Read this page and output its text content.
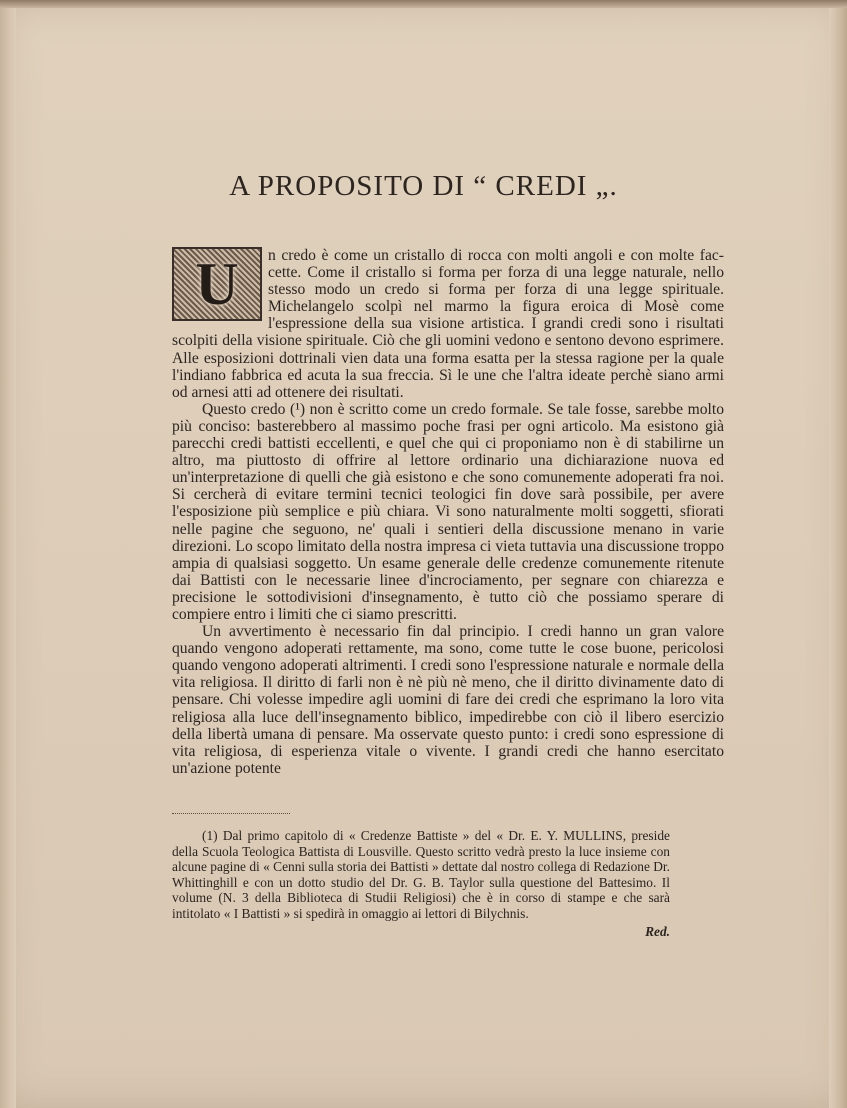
A PROPOSITO DI “ CREDI „.

U	n credo è come un cristallo di rocca con molti angoli e con molte fac-cette. Come il cristallo si forma per forza di una legge naturale, nello stesso modo un credo si forma per forza di una legge spirituale. Michelangelo scolpì nel marmo la figura eroica di Mosè come l'espressione della sua visione artistica. I grandi credi sono i risultati scolpiti della visione spirituale. Ciò che gli uomini vedono e sentono devono esprimere. Alle esposizioni dottrinali vien data una forma esatta per la stessa ragione per la quale l'indiano fabbrica ed acuta la sua freccia. Sì le une che l'altra ideate perchè siano armi od arnesi atti ad ottenere dei risultati.

Questo credo (¹) non è scritto come un credo formale. Se tale fosse, sarebbe molto più conciso: basterebbero al massimo poche frasi per ogni articolo. Ma esistono già parecchi credi battisti eccellenti, e quel che qui ci proponiamo non è di stabilirne un altro, ma piuttosto di offrire al lettore ordinario una dichiarazione nuova ed un'interpretazione di quelli che già esistono e che sono comunemente adoperati fra noi. Si cercherà di evitare termini tecnici teologici fin dove sarà possibile, per avere l'esposizione più semplice e più chiara. Vi sono naturalmente molti soggetti, sfiorati nelle pagine che seguono, ne' quali i sentieri della discussione menano in varie direzioni. Lo scopo limitato della nostra impresa ci vieta tuttavia una discussione troppo ampia di qualsiasi soggetto. Un esame generale delle credenze comunemente ritenute dai Battisti con le necessarie linee d'incrociamento, per segnare con chiarezza e precisione le sottodivisioni d'insegnamento, è tutto ciò che possiamo sperare di compiere entro i limiti che ci siamo prescritti.

Un avvertimento è necessario fin dal principio. I credi hanno un gran valore quando vengono adoperati rettamente, ma sono, come tutte le cose buone, pericolosi quando vengono adoperati altrimenti. I credi sono l'espressione naturale e normale della vita religiosa. Il diritto di farli non è nè più nè meno, che il diritto divinamente dato di pensare. Chi volesse impedire agli uomini di fare dei credi che esprimano la loro vita religiosa alla luce dell'insegnamento biblico, impedirebbe con ciò il libero esercizio della libertà umana di pensare. Ma osservate questo punto: i credi sono espressione di vita religiosa, di esperienza vitale o vivente. I grandi credi che hanno esercitato un'azione potente

(1) Dal primo capitolo di « Credenze Battiste » del « Dr. E. Y. MULLINS, preside della Scuola Teologica Battista di Lousville. Questo scritto vedrà presto la luce insieme con alcune pagine di « Cenni sulla storia dei Battisti » dettate dal nostro collega di Redazione Dr. Whittinghill e con un dotto studio del Dr. G. B. Taylor sulla questione del Battesimo. Il volume (N. 3 della Biblioteca di Studii Religiosi) che è in corso di stampe e che sarà intitolato « I Battisti » si spedirà in omaggio ai lettori di Bilychnis.

Red.
